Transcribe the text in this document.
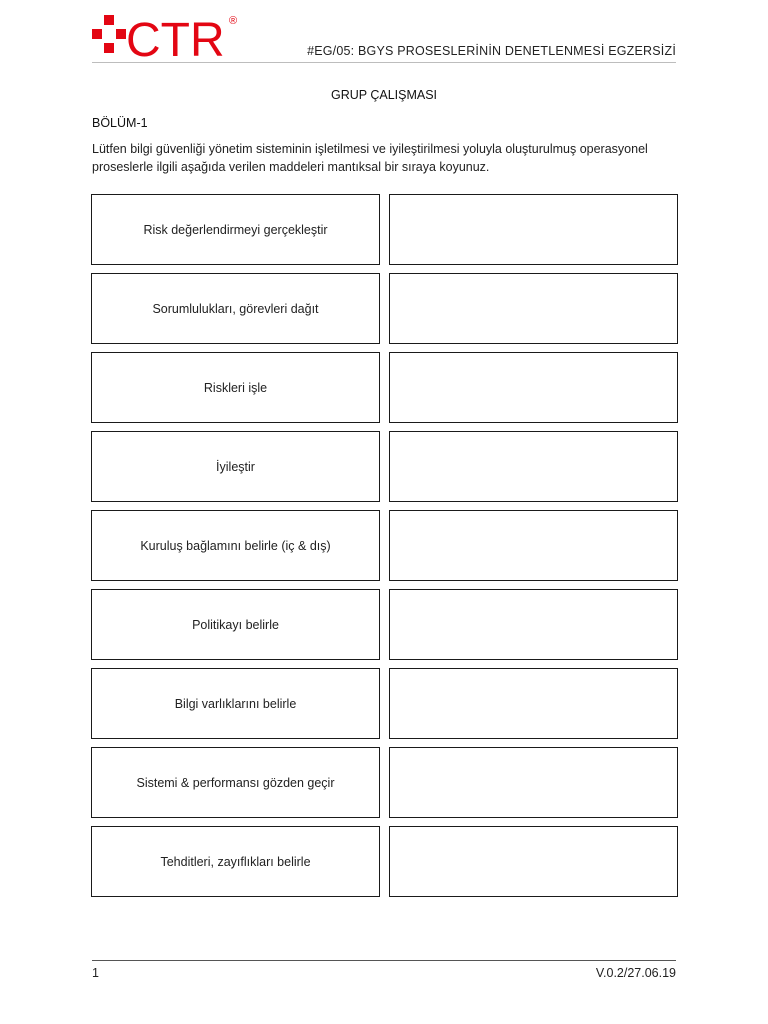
CTR ®
#EG/05: BGYS PROSESLERİNİN DENETLENMESİ EGZERSİZİ
GRUP ÇALIŞMASI
BÖLÜM-1
Lütfen bilgi güvenliği yönetim sisteminin işletilmesi ve iyileştirilmesi yoluyla oluşturulmuş operasyonel proseslerle ilgili aşağıda verilen maddeleri mantıksal bir sıraya koyunuz.
Risk değerlendirmeyi gerçekleştir
Sorumlulukları, görevleri dağıt
Riskleri işle
İyileştir
Kuruluş bağlamını belirle (iç & dış)
Politikayı belirle
Bilgi varlıklarını belirle
Sistemi & performansı gözden geçir
Tehditleri, zayıflıkları belirle
1	V.0.2/27.06.19
